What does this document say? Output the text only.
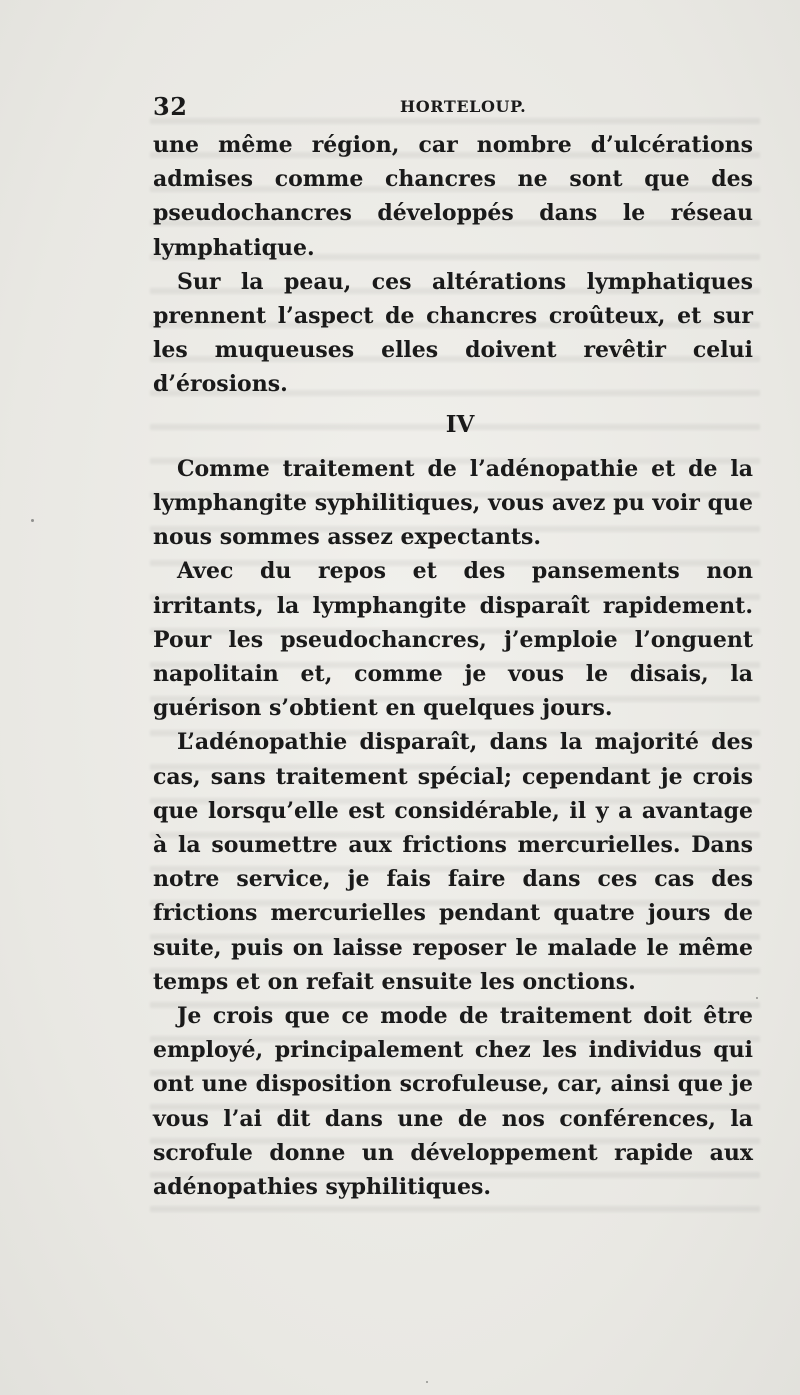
32	HORTELOUP.

une même région, car nombre d’ulcérations admises comme chancres ne sont que des pseudochancres développés dans le réseau lymphatique.

Sur la peau, ces altérations lymphatiques prennent l’aspect de chancres croûteux, et sur les muqueuses elles doivent revêtir celui d’érosions.

IV

Comme traitement de l’adénopathie et de la lymphangite syphilitiques, vous avez pu voir que nous sommes assez expectants.

Avec du repos et des pansements non irritants, la lymphangite disparaît rapidement. Pour les pseudochancres, j’emploie l’onguent napolitain et, comme je vous le disais, la guérison s’obtient en quelques jours.

L’adénopathie disparaît, dans la majorité des cas, sans traitement spécial; cependant je crois que lorsqu’elle est considérable, il y a avantage à la soumettre aux frictions mercurielles. Dans notre service, je fais faire dans ces cas des frictions mercurielles pendant quatre jours de suite, puis on laisse reposer le malade le même temps et on refait ensuite les onctions.

Je crois que ce mode de traitement doit être employé, principalement chez les individus qui ont une disposition scrofuleuse, car, ainsi que je vous l’ai dit dans une de nos conférences, la scrofule donne un développement rapide aux adénopathies syphilitiques.
